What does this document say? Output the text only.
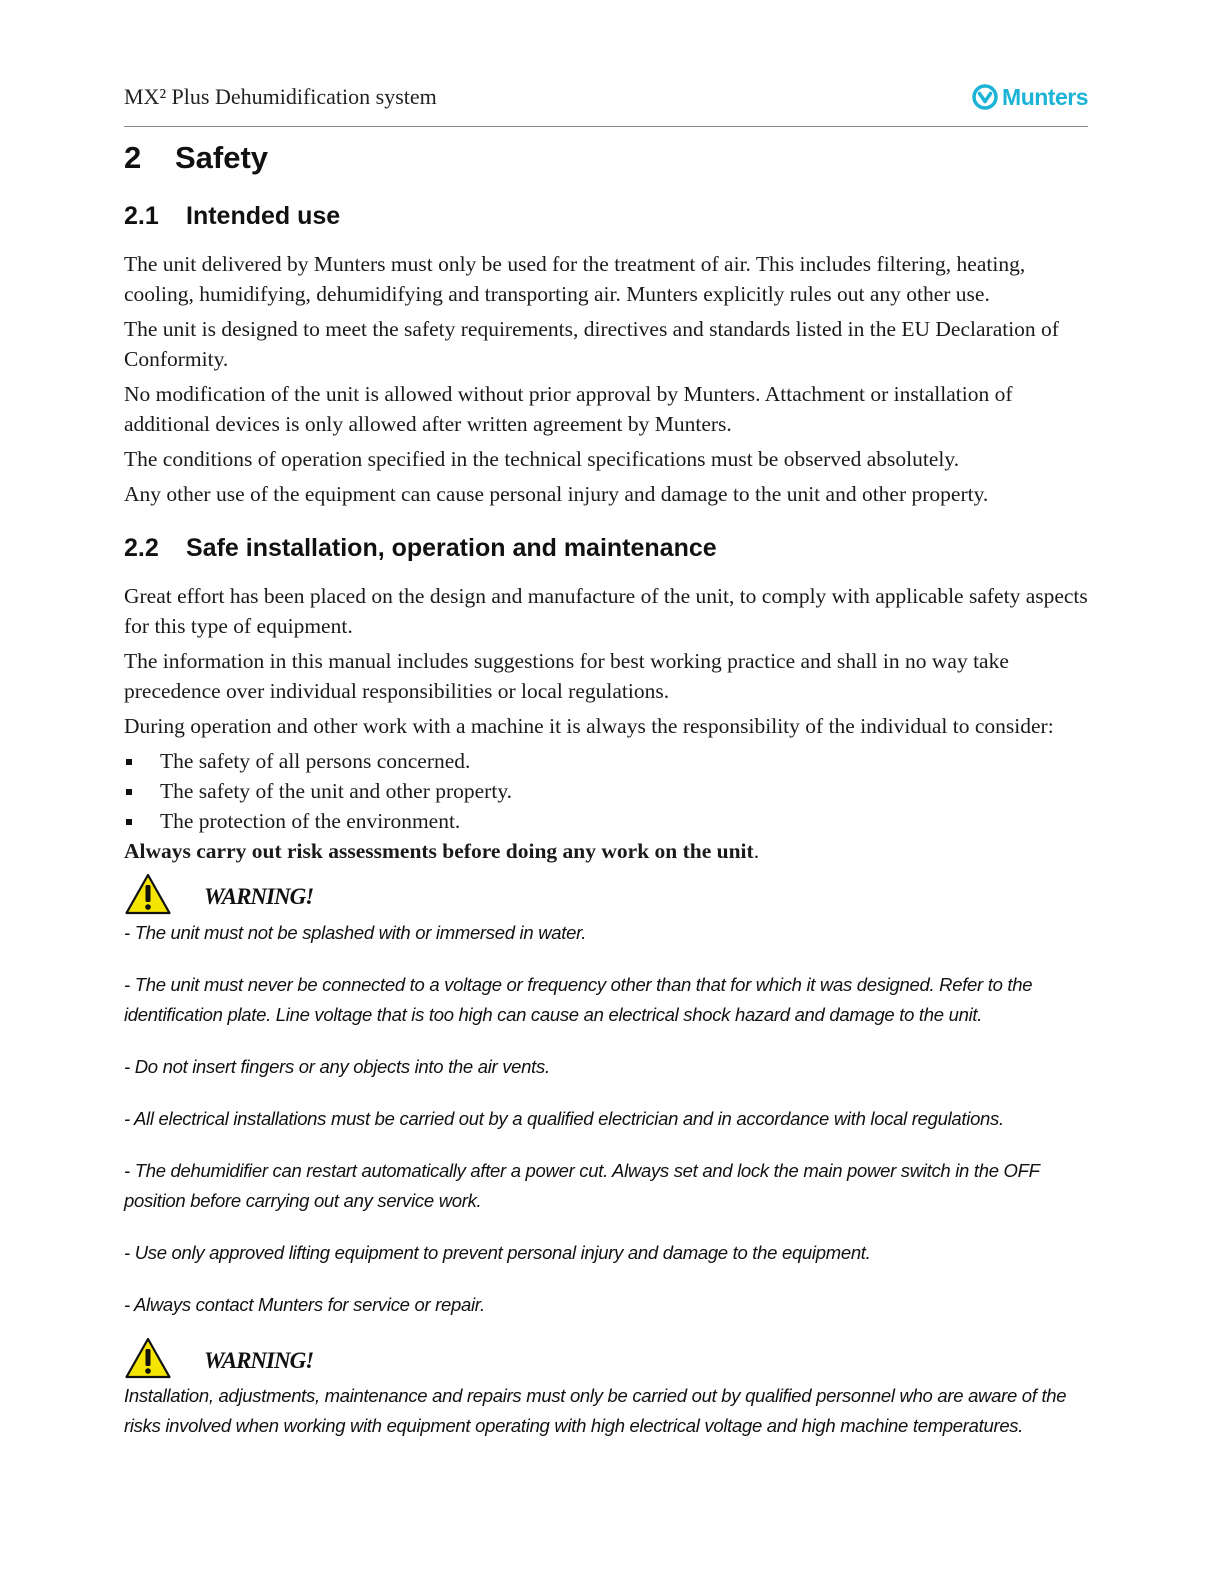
MX² Plus Dehumidification system	Munters
2 Safety
2.1 Intended use

The unit delivered by Munters must only be used for the treatment of air. This includes filtering, heating, cooling, humidifying, dehumidifying and transporting air. Munters explicitly rules out any other use.

The unit is designed to meet the safety requirements, directives and standards listed in the EU Declaration of Conformity.

No modification of the unit is allowed without prior approval by Munters. Attachment or installation of additional devices is only allowed after written agreement by Munters.

The conditions of operation specified in the technical specifications must be observed absolutely.

Any other use of the equipment can cause personal injury and damage to the unit and other property.

2.2 Safe installation, operation and maintenance

Great effort has been placed on the design and manufacture of the unit, to comply with applicable safety aspects for this type of equipment.

The information in this manual includes suggestions for best working practice and shall in no way take precedence over individual responsibilities or local regulations.

During operation and other work with a machine it is always the responsibility of the individual to consider:

The safety of all persons concerned.
The safety of the unit and other property.
The protection of the environment.

Always carry out risk assessments before doing any work on the unit.

WARNING!

- The unit must not be splashed with or immersed in water.

- The unit must never be connected to a voltage or frequency other than that for which it was designed. Refer to the identification plate. Line voltage that is too high can cause an electrical shock hazard and damage to the unit.

- Do not insert fingers or any objects into the air vents.

- All electrical installations must be carried out by a qualified electrician and in accordance with local regulations.

- The dehumidifier can restart automatically after a power cut. Always set and lock the main power switch in the OFF position before carrying out any service work.

- Use only approved lifting equipment to prevent personal injury and damage to the equipment.

- Always contact Munters for service or repair.

WARNING!

Installation, adjustments, maintenance and repairs must only be carried out by qualified personnel who are aware of the risks involved when working with equipment operating with high electrical voltage and high machine temperatures.
